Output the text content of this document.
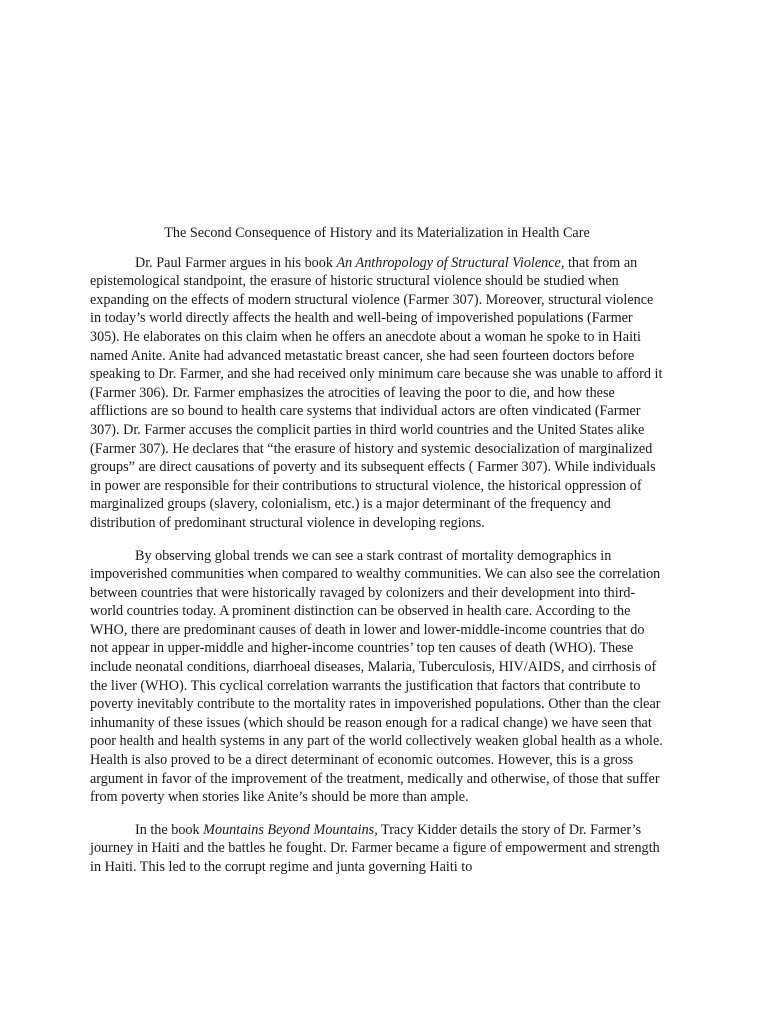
The Second Consequence of History and its Materialization in Health Care

Dr. Paul Farmer argues in his book An Anthropology of Structural Violence, that from an epistemological standpoint, the erasure of historic structural violence should be studied when expanding on the effects of modern structural violence (Farmer 307). Moreover, structural violence in today’s world directly affects the health and well-being of impoverished populations (Farmer 305). He elaborates on this claim when he offers an anecdote about a woman he spoke to in Haiti named Anite. Anite had advanced metastatic breast cancer, she had seen fourteen doctors before speaking to Dr. Farmer, and she had received only minimum care because she was unable to afford it (Farmer 306). Dr. Farmer emphasizes the atrocities of leaving the poor to die, and how these afflictions are so bound to health care systems that individual actors are often vindicated (Farmer 307). Dr. Farmer accuses the complicit parties in third world countries and the United States alike (Farmer 307). He declares that “the erasure of history and systemic desocialization of marginalized groups” are direct causations of poverty and its subsequent effects ( Farmer 307). While individuals in power are responsible for their contributions to structural violence, the historical oppression of marginalized groups (slavery, colonialism, etc.) is a major determinant of the frequency and distribution of predominant structural violence in developing regions.

By observing global trends we can see a stark contrast of mortality demographics in impoverished communities when compared to wealthy communities. We can also see the correlation between countries that were historically ravaged by colonizers and their development into third-world countries today. A prominent distinction can be observed in health care. According to the WHO, there are predominant causes of death in lower and lower-middle-income countries that do not appear in upper-middle and higher-income countries’ top ten causes of death (WHO). These include neonatal conditions, diarrhoeal diseases, Malaria, Tuberculosis, HIV/AIDS, and cirrhosis of the liver (WHO). This cyclical correlation warrants the justification that factors that contribute to poverty inevitably contribute to the mortality rates in impoverished populations. Other than the clear inhumanity of these issues (which should be reason enough for a radical change) we have seen that poor health and health systems in any part of the world collectively weaken global health as a whole. Health is also proved to be a direct determinant of economic outcomes. However, this is a gross argument in favor of the improvement of the treatment, medically and otherwise, of those that suffer from poverty when stories like Anite’s should be more than ample.

In the book Mountains Beyond Mountains, Tracy Kidder details the story of Dr. Farmer’s journey in Haiti and the battles he fought. Dr. Farmer became a figure of empowerment and strength in Haiti. This led to the corrupt regime and junta governing Haiti to
